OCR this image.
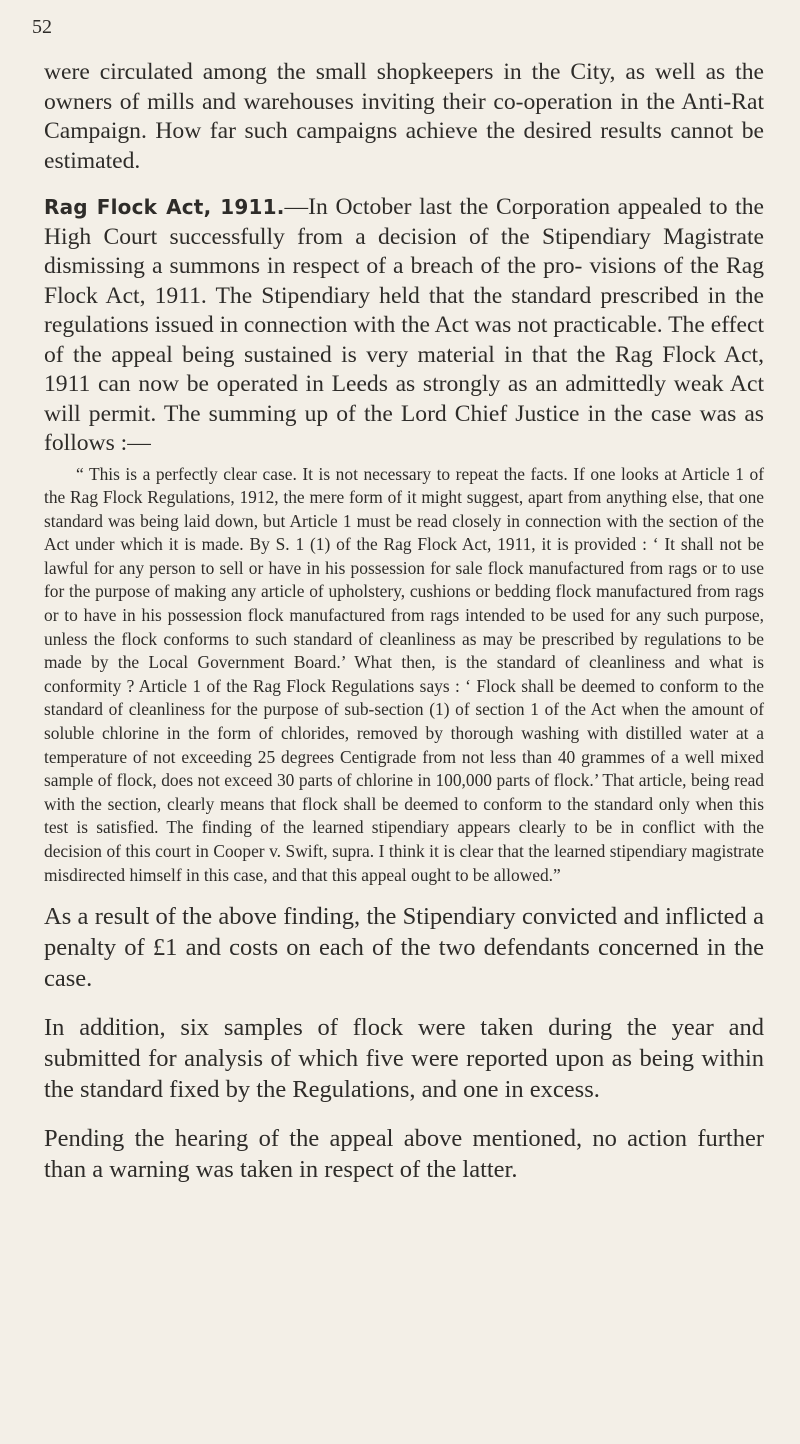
52

were circulated among the small shopkeepers in the City, as well as the owners of mills and warehouses inviting their co-operation in the Anti-Rat Campaign. How far such campaigns achieve the desired results cannot be estimated.

Rag Flock Act, 1911.—In October last the Corporation appealed to the High Court successfully from a decision of the Stipendiary Magistrate dismissing a summons in respect of a breach of the pro- visions of the Rag Flock Act, 1911. The Stipendiary held that the standard prescribed in the regulations issued in connection with the Act was not practicable. The effect of the appeal being sustained is very material in that the Rag Flock Act, 1911 can now be operated in Leeds as strongly as an admittedly weak Act will permit. The summing up of the Lord Chief Justice in the case was as follows :—

“ This is a perfectly clear case. It is not necessary to repeat the facts. If one looks at Article 1 of the Rag Flock Regulations, 1912, the mere form of it might suggest, apart from anything else, that one standard was being laid down, but Article 1 must be read closely in connection with the section of the Act under which it is made. By S. 1 (1) of the Rag Flock Act, 1911, it is provided : ‘ It shall not be lawful for any person to sell or have in his possession for sale flock manufactured from rags or to use for the purpose of making any article of upholstery, cushions or bedding flock manufactured from rags or to have in his possession flock manufactured from rags intended to be used for any such purpose, unless the flock conforms to such standard of cleanliness as may be prescribed by regulations to be made by the Local Government Board.’ What then, is the standard of cleanliness and what is conformity ? Article 1 of the Rag Flock Regulations says : ‘ Flock shall be deemed to conform to the standard of cleanliness for the purpose of sub-section (1) of section 1 of the Act when the amount of soluble chlorine in the form of chlorides, removed by thorough washing with distilled water at a temperature of not exceeding 25 degrees Centigrade from not less than 40 grammes of a well mixed sample of flock, does not exceed 30 parts of chlorine in 100,000 parts of flock.’ That article, being read with the section, clearly means that flock shall be deemed to conform to the standard only when this test is satisfied. The finding of the learned stipendiary appears clearly to be in conflict with the decision of this court in Cooper v. Swift, supra. I think it is clear that the learned stipendiary magistrate misdirected himself in this case, and that this appeal ought to be allowed.”

As a result of the above finding, the Stipendiary convicted and inflicted a penalty of £1 and costs on each of the two defendants concerned in the case.

In addition, six samples of flock were taken during the year and submitted for analysis of which five were reported upon as being within the standard fixed by the Regulations, and one in excess.

Pending the hearing of the appeal above mentioned, no action further than a warning was taken in respect of the latter.
